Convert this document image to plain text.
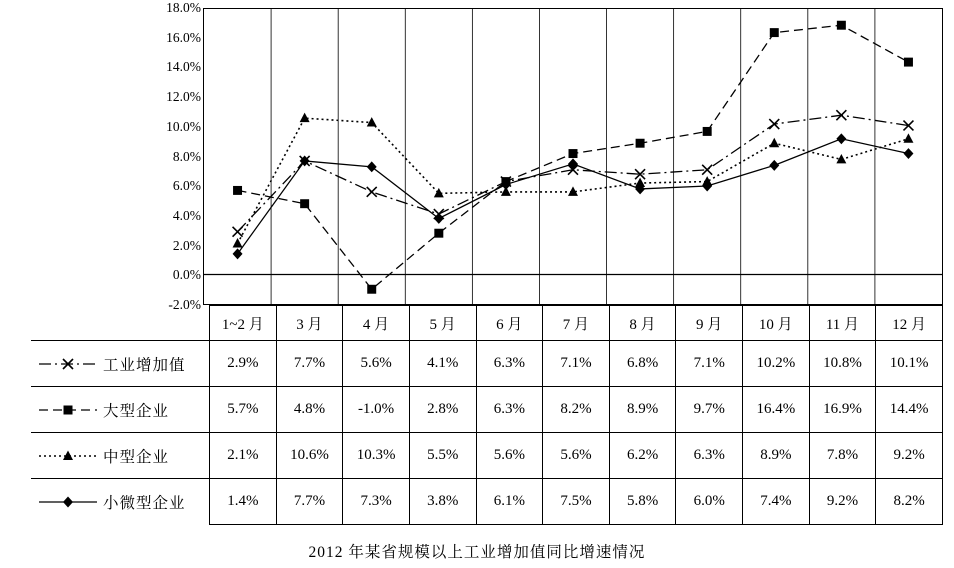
18.0%
16.0%
14.0%
12.0%
10.0%
8.0%
6.0%
4.0%
2.0%
0.0%
-2.0%
	1~2 月	3 月	4 月	5 月	6 月	7 月	8 月	9 月	10 月	11 月	12 月

工业增加值	2.9%	7.7%	5.6%	4.1%	6.3%	7.1%	6.8%	7.1%	10.2%	10.8%	10.1%

大型企业	5.7%	4.8%	-1.0%	2.8%	6.3%	8.2%	8.9%	9.7%	16.4%	16.9%	14.4%

中型企业	2.1%	10.6%	10.3%	5.5%	5.6%	5.6%	6.2%	6.3%	8.9%	7.8%	9.2%

小微型企业	1.4%	7.7%	7.3%	3.8%	6.1%	7.5%	5.8%	6.0%	7.4%	9.2%	8.2%
2012 年某省规模以上工业增加值同比增速情况
